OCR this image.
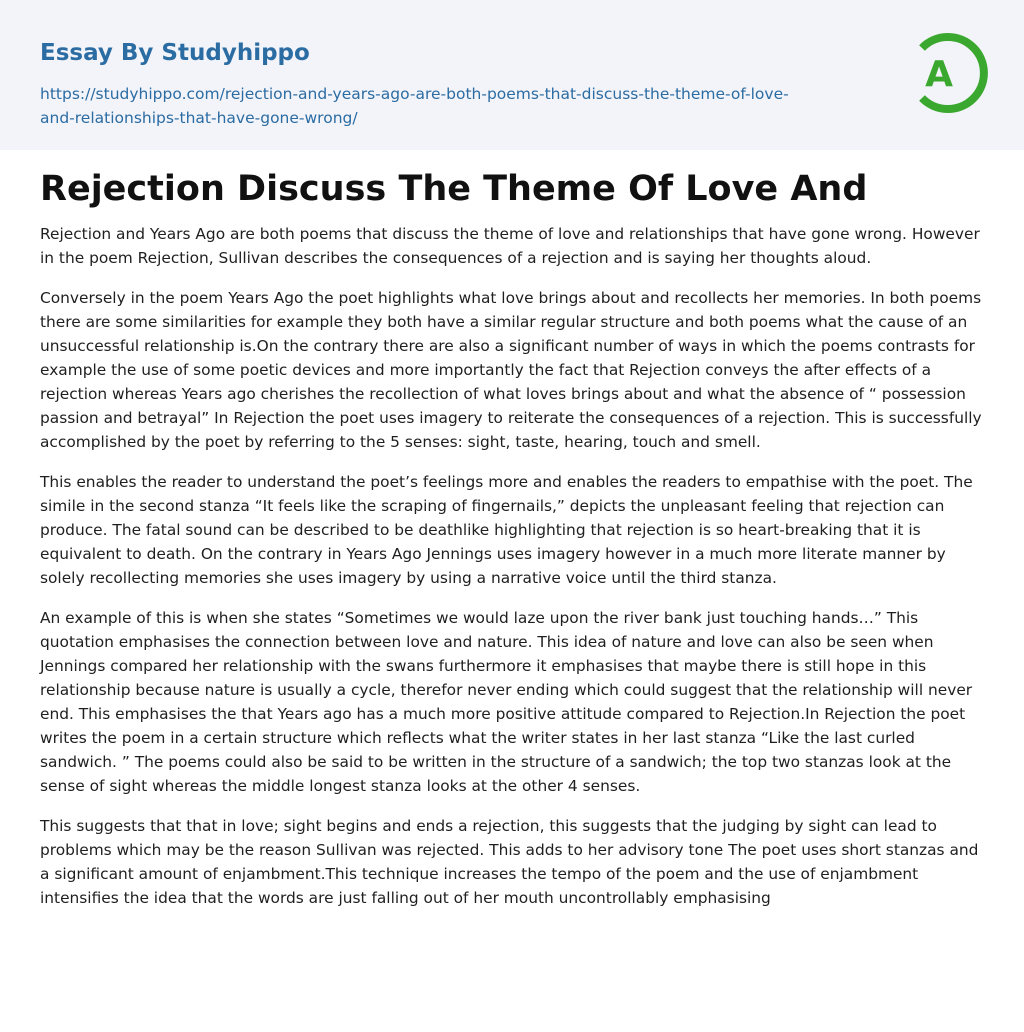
Essay By Studyhippo
https://studyhippo.com/rejection-and-years-ago-are-both-poems-that-discuss-the-theme-of-love-and-relationships-that-have-gone-wrong/
A
Rejection Discuss The Theme Of Love And

Rejection and Years Ago are both poems that discuss the theme of love and relationships that have gone wrong. However in the poem Rejection, Sullivan describes the consequences of a rejection and is saying her thoughts aloud.

Conversely in the poem Years Ago the poet highlights what love brings about and recollects her memories. In both poems there are some similarities for example they both have a similar regular structure and both poems what the cause of an unsuccessful relationship is.On the contrary there are also a significant number of ways in which the poems contrasts for example the use of some poetic devices and more importantly the fact that Rejection conveys the after effects of a rejection whereas Years ago cherishes the recollection of what loves brings about and what the absence of “ possession passion and betrayal” In Rejection the poet uses imagery to reiterate the consequences of a rejection. This is successfully accomplished by the poet by referring to the 5 senses: sight, taste, hearing, touch and smell.

This enables the reader to understand the poet’s feelings more and enables the readers to empathise with the poet. The simile in the second stanza “It feels like the scraping of fingernails,” depicts the unpleasant feeling that rejection can produce. The fatal sound can be described to be deathlike highlighting that rejection is so heart-breaking that it is equivalent to death. On the contrary in Years Ago Jennings uses imagery however in a much more literate manner by solely recollecting memories she uses imagery by using a narrative voice until the third stanza.

An example of this is when she states “Sometimes we would laze upon the river bank just touching hands…” This quotation emphasises the connection between love and nature. This idea of nature and love can also be seen when Jennings compared her relationship with the swans furthermore it emphasises that maybe there is still hope in this relationship because nature is usually a cycle, therefor never ending which could suggest that the relationship will never end. This emphasises the that Years ago has a much more positive attitude compared to Rejection.In Rejection the poet writes the poem in a certain structure which reflects what the writer states in her last stanza “Like the last curled sandwich. ” The poems could also be said to be written in the structure of a sandwich; the top two stanzas look at the sense of sight whereas the middle longest stanza looks at the other 4 senses.

This suggests that that in love; sight begins and ends a rejection, this suggests that the judging by sight can lead to problems which may be the reason Sullivan was rejected. This adds to her advisory tone The poet uses short stanzas and a significant amount of enjambment.This technique increases the tempo of the poem and the use of enjambment intensifies the idea that the words are just falling out of her mouth uncontrollably emphasising
